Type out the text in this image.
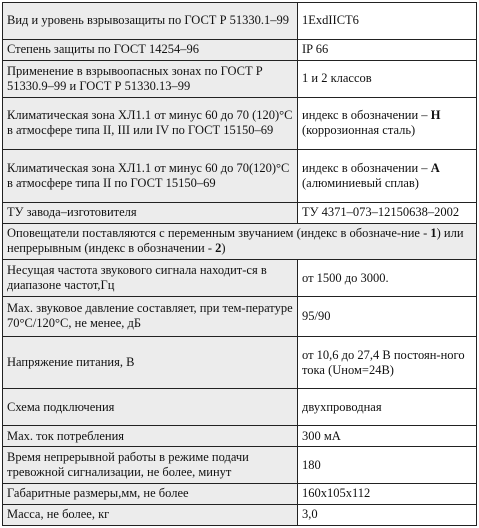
Вид и уровень взрывозащиты по ГОСТ Р 51330.1–99	1ExdIICT6
Степень защиты по ГОСТ 14254–96	IP 66
Применение в взрывоопасных зонах по ГОСТ Р 51330.9–99 и ГОСТ Р 51330.13–99	1 и 2 классов
Климатическая зона ХЛ1.1 от минус 60 до 70 (120)°С в атмосфере типа II, III или IV по ГОСТ 15150–69	индекс в обозначении – Н (коррозионная сталь)
Климатическая зона ХЛ1.1 от минус 60 до 70(120)°С в атмосфере типа II по ГОСТ 15150–69	индекс в обозначении – А (алюминиевый сплав)
ТУ завода–изготовителя	ТУ 4371–073–12150638–2002
Оповещатели поставляются с переменным звучанием (индекс в обозначе-ние - 1) или непрерывным (индекс в обозначении - 2)	
Несущая частота звукового сигнала находит-ся в диапазоне частот,Гц	от 1500 до 3000.
Мах. звуковое давление составляет, при тем-пературе 70°С/120°С, не менее, дБ	95/90
Напряжение питания, В	от 10,6 до 27,4 В постоян-ного тока (Uном=24В)
Схема подключения	двухпроводная
Мах. ток потребления	300 мА
Время непрерывной работы в режиме подачи тревожной сигнализации, не более, минут	180
Габаритные размеры,мм, не более	160х105х112
Масса, не более, кг	3,0
